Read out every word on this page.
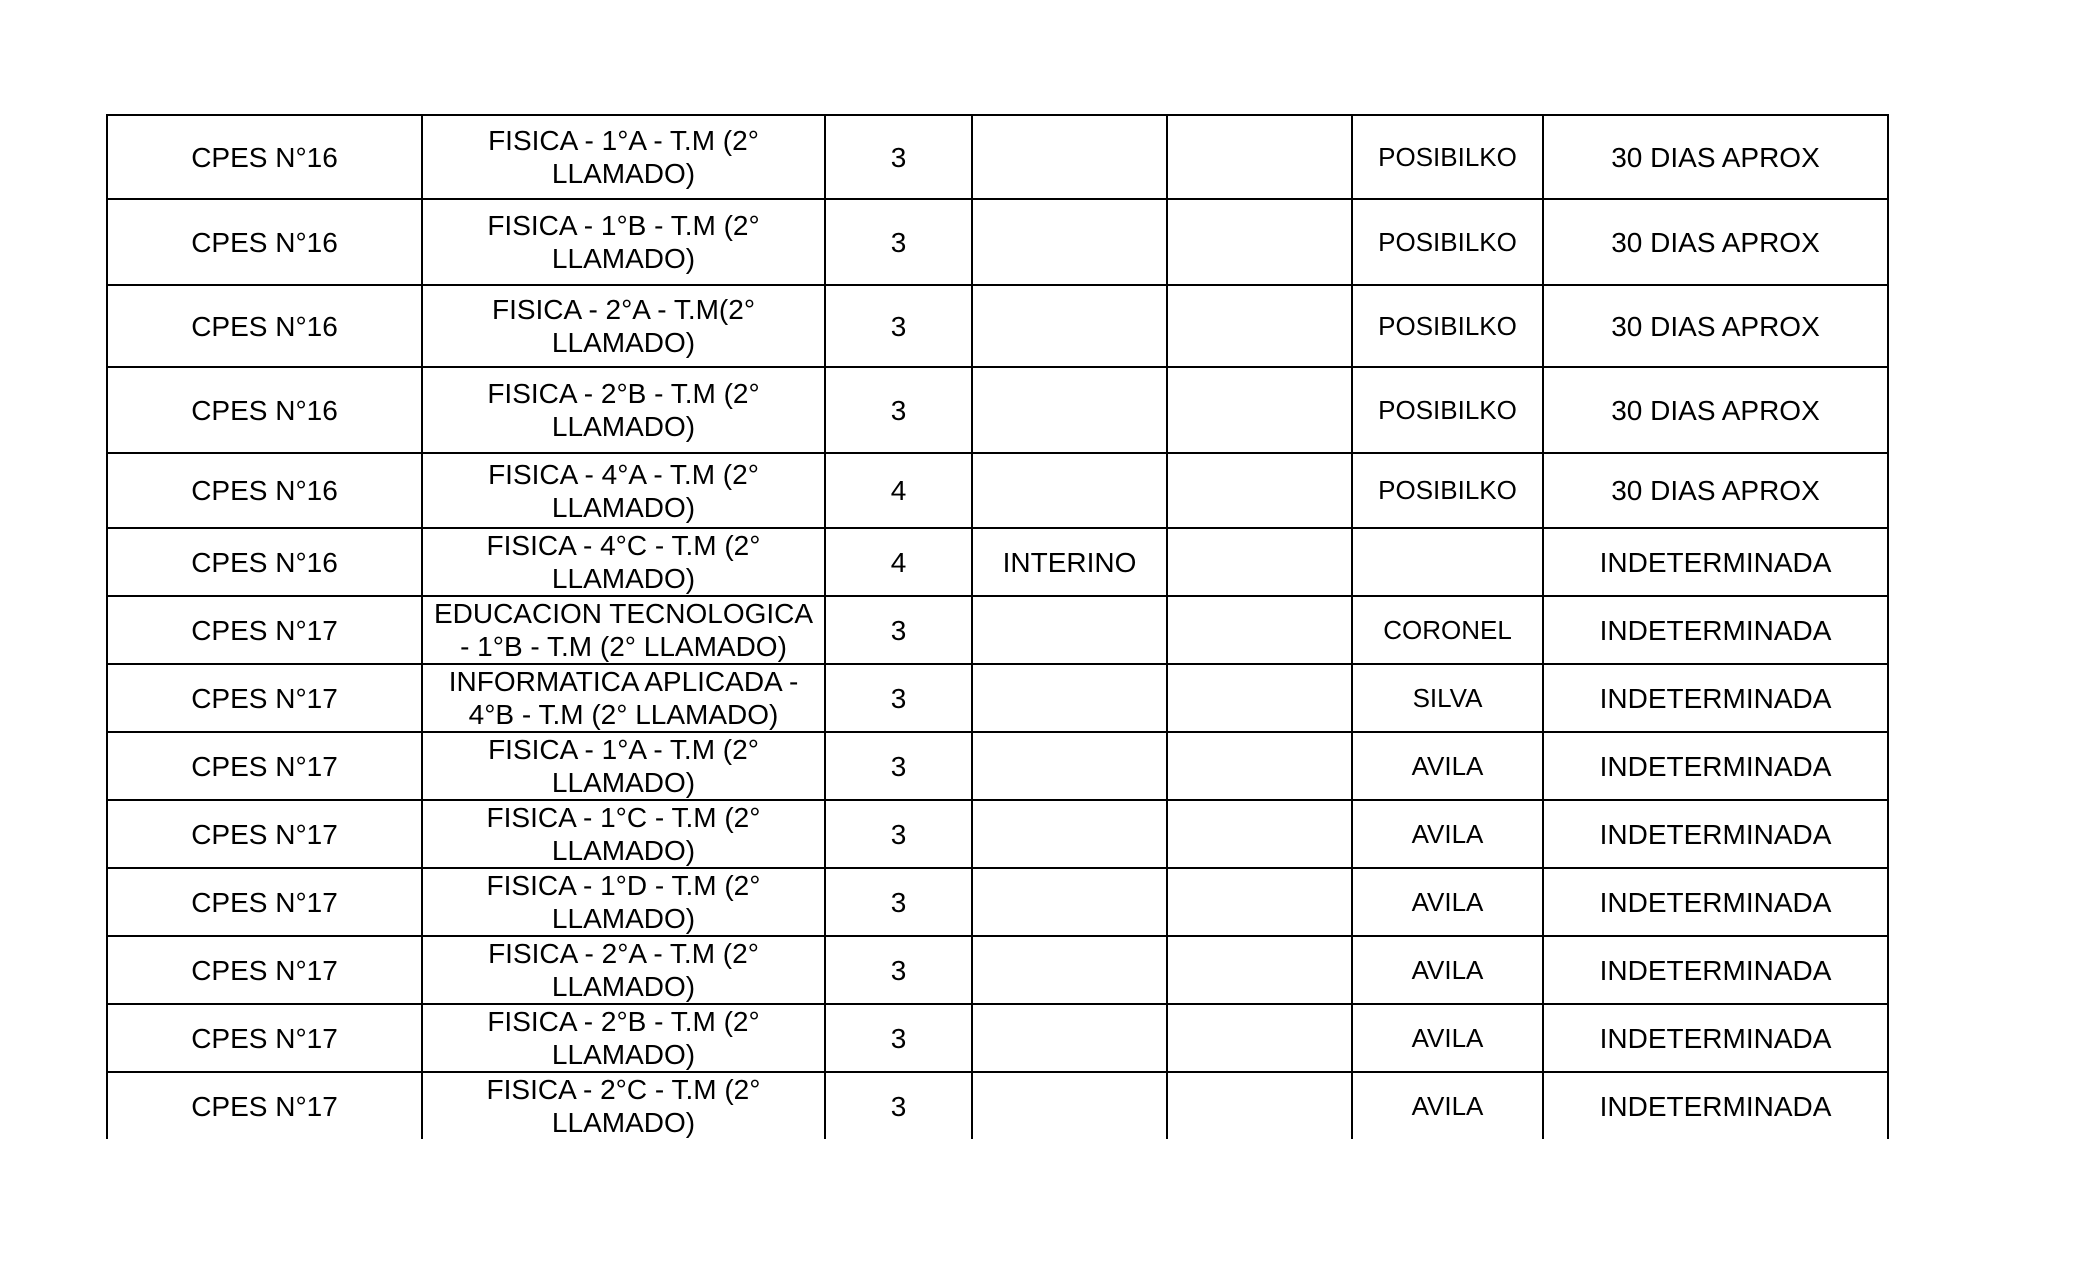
CPES N°16	FISICA - 1°A - T.M (2° LLAMADO)	3			POSIBILKO	30 DIAS APROX
CPES N°16	FISICA - 1°B - T.M (2° LLAMADO)	3			POSIBILKO	30 DIAS APROX
CPES N°16	FISICA - 2°A - T.M(2° LLAMADO)	3			POSIBILKO	30 DIAS APROX
CPES N°16	FISICA - 2°B - T.M (2° LLAMADO)	3			POSIBILKO	30 DIAS APROX
CPES N°16	FISICA - 4°A - T.M (2° LLAMADO)	4			POSIBILKO	30 DIAS APROX
CPES N°16	FISICA - 4°C - T.M (2° LLAMADO)	4	INTERINO			INDETERMINADA
CPES N°17	EDUCACION TECNOLOGICA - 1°B - T.M (2° LLAMADO)	3			CORONEL	INDETERMINADA
CPES N°17	INFORMATICA APLICADA - 4°B - T.M (2° LLAMADO)	3			SILVA	INDETERMINADA
CPES N°17	FISICA - 1°A - T.M (2° LLAMADO)	3			AVILA	INDETERMINADA
CPES N°17	FISICA - 1°C - T.M (2° LLAMADO)	3			AVILA	INDETERMINADA
CPES N°17	FISICA - 1°D - T.M (2° LLAMADO)	3			AVILA	INDETERMINADA
CPES N°17	FISICA - 2°A - T.M (2° LLAMADO)	3			AVILA	INDETERMINADA
CPES N°17	FISICA - 2°B - T.M (2° LLAMADO)	3			AVILA	INDETERMINADA
CPES N°17	FISICA - 2°C - T.M (2° LLAMADO)	3			AVILA	INDETERMINADA
